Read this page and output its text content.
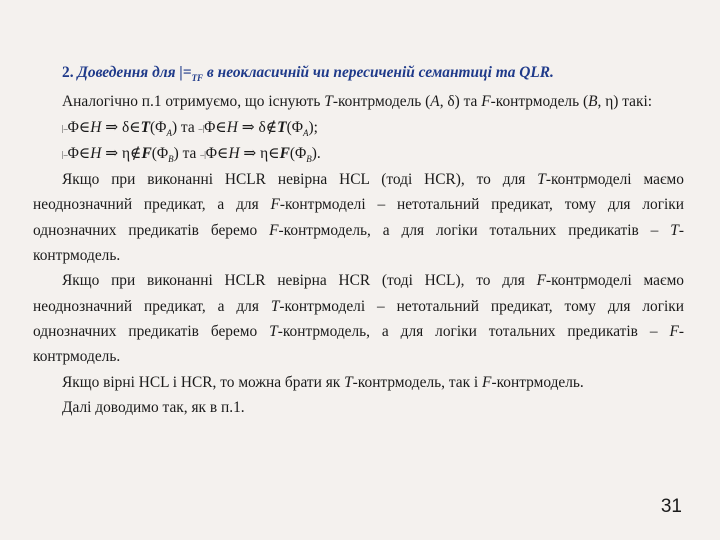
2. Доведення для $|=_{TF}$ в неокласичній чи пересиченій семантиці та QLR.

Аналогічно п.1 отримуємо, що існують T-контрмодель (A, δ) та F-контрмодель (B, η) такі:

|–Φ∈H ⇒ $\delta\in T(\Phi_A)$ та –|Φ∈H ⇒ $\delta\notin T(\Phi_A)$;

|–Φ∈H ⇒ $\eta\notin F(\Phi_B)$ та –|Φ∈H ⇒ $\eta\in F(\Phi_B)$.

Якщо при виконанні HCLR невірна HCL (тоді HCR), то для T-контрмоделі маємо неоднозначний предикат, а для F-контрмоделі – нетотальний предикат, тому для логіки однозначних предикатів беремо F-контрмодель, а для логіки тотальних предикатів – T-контрмодель.

Якщо при виконанні HCLR невірна HCR (тоді HCL), то для F-контрмоделі маємо неоднозначний предикат, а для T-контрмоделі – нетотальний предикат, тому для логіки однозначних предикатів беремо T-контрмодель, а для логіки тотальних предикатів – F-контрмодель.

Якщо вірні HCL і HCR, то можна брати як T-контрмодель, так і F-контрмодель.

Далі доводимо так, як в п.1.

31
